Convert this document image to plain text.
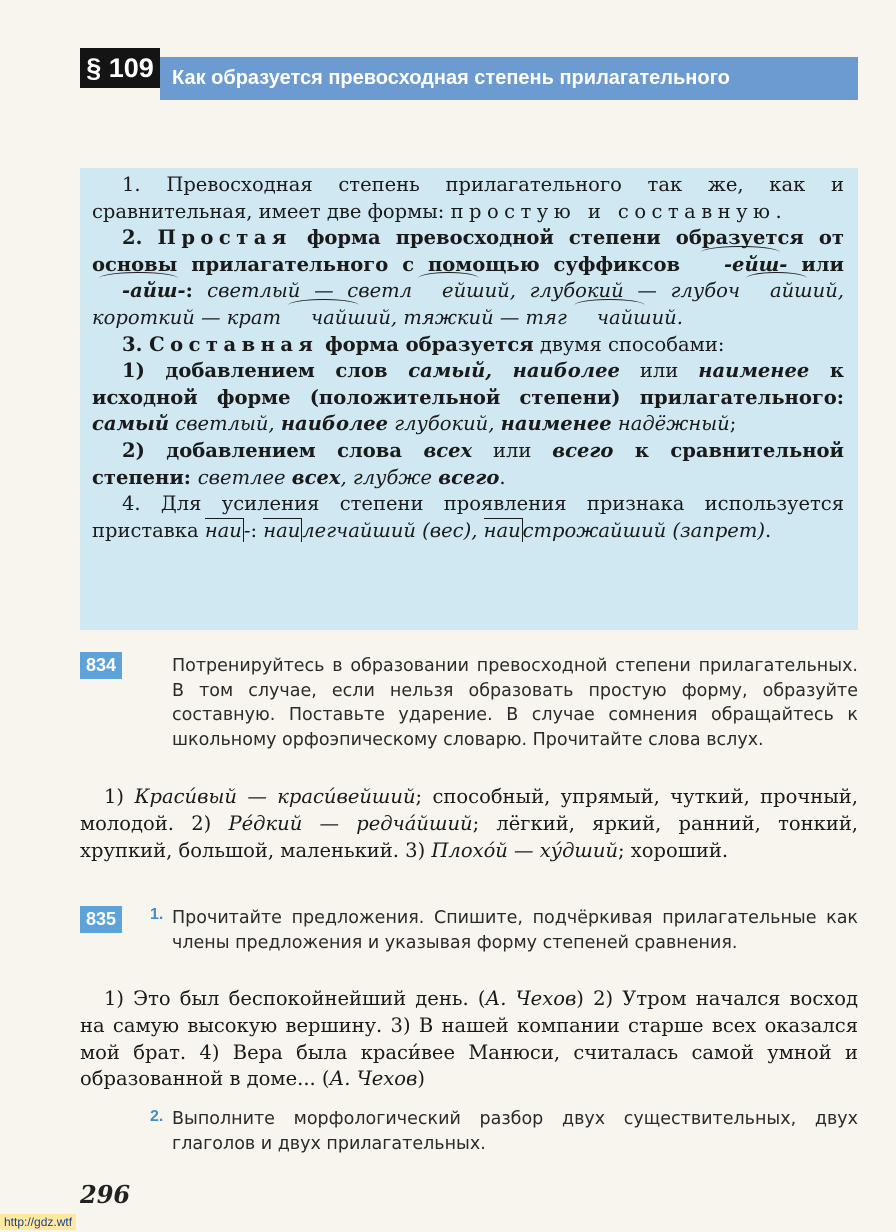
§ 109 Как образуется превосходная степень прилагательного

1. Превосходная степень прилагательного так же, как и сравнительная, имеет две формы: простую и составную.

2. Простая форма превосходной степени образуется от основы прилагательного с помощью суффиксов -ейш- или -айш-: светлый — светл ейший, глубокий — глубоч айший, короткий — крат чайший, тяжкий — тяг чайший.

3. Составная форма образуется двумя способами:

1) добавлением слов самый, наиболее или наименее к исходной форме (положительной степени) прилагательного: самый светлый, наиболее глубокий, наименее надёжный;

2) добавлением слова всех или всего к сравнительной степени: светлее всех, глубже всего.

4. Для усиления степени проявления признака используется приставка наи -: наи легчайший (вес), наи строжайший (запрет).

834	Потренируйтесь в образовании превосходной степени прилагательных. В том случае, если нельзя образовать простую форму, образуйте составную. Поставьте ударение. В случае сомнения обращайтесь к школьному орфоэпическому словарю. Прочитайте слова вслух.

1) Краси́вый — краси́вейший; способный, упрямый, чуткий, прочный, молодой. 2) Ре́дкий — редча́йший; лёгкий, яркий, ранний, тонкий, хрупкий, большой, маленький. 3) Плохо́й — ху́дший; хороший.

835	1. Прочитайте предложения. Спишите, подчёркивая прилагательные как члены предложения и указывая форму степеней сравнения.

1) Это был беспокойнейший день. (А. Чехов) 2) Утром начался восход на самую высокую вершину. 3) В нашей компании старше всех оказался мой брат. 4) Вера была краси́вее Манюси, считалась самой умной и образованной в доме... (А. Чехов)

2. Выполните морфологический разбор двух существительных, двух глаголов и двух прилагательных.
296
http://gdz.wtf
